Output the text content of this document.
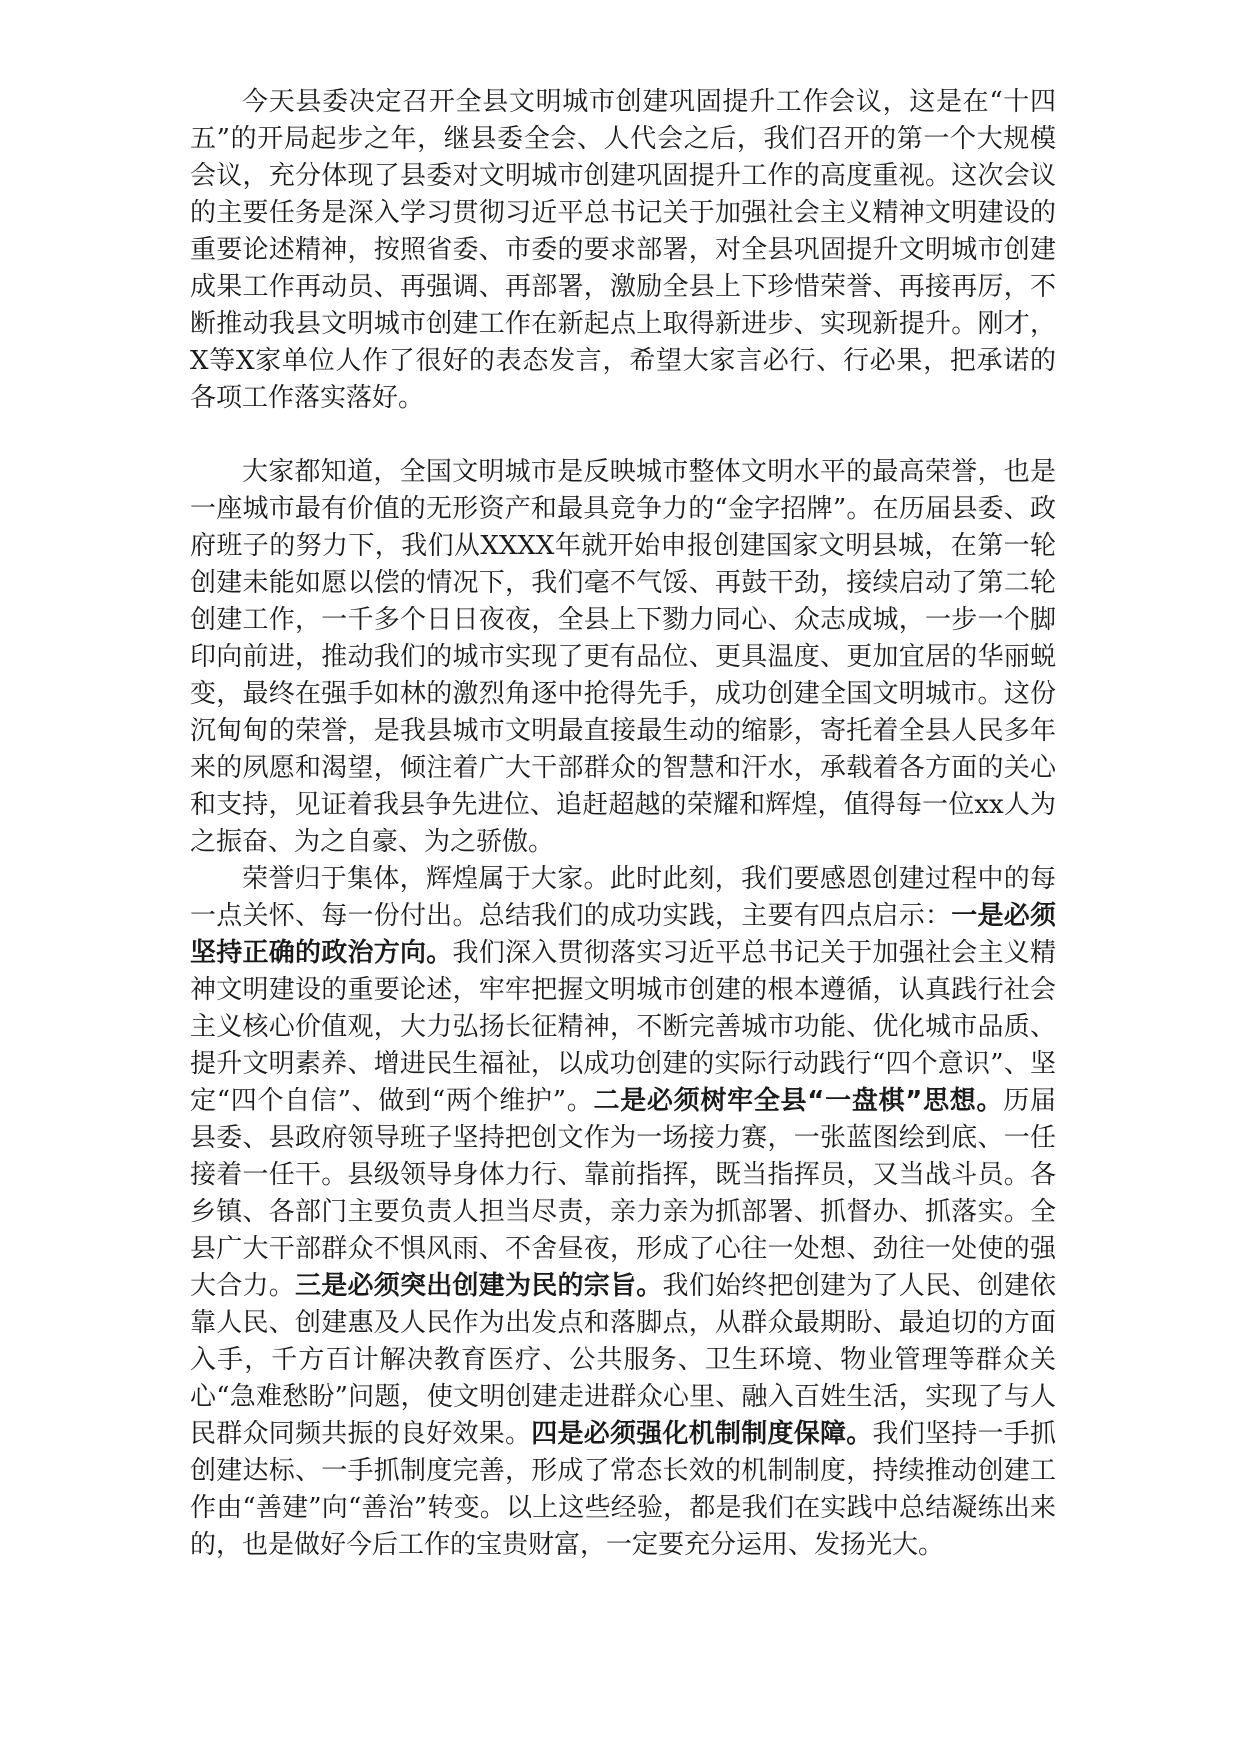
今天县委决定召开全县文明城市创建巩固提升工作会议，这是在“十四五”的开局起步之年，继县委全会、人代会之后，我们召开的第一个大规模会议，充分体现了县委对文明城市创建巩固提升工作的高度重视。这次会议的主要任务是深入学习贯彻习近平总书记关于加强社会主义精神文明建设的重要论述精神，按照省委、市委的要求部署，对全县巩固提升文明城市创建成果工作再动员、再强调、再部署，激励全县上下珍惜荣誉、再接再厉，不断推动我县文明城市创建工作在新起点上取得新进步、实现新提升。刚才，X等X家单位人作了很好的表态发言，希望大家言必行、行必果，把承诺的各项工作落实落好。

大家都知道，全国文明城市是反映城市整体文明水平的最高荣誉，也是一座城市最有价值的无形资产和最具竞争力的“金字招牌”。在历届县委、政府班子的努力下，我们从XXXX年就开始申报创建国家文明县城，在第一轮创建未能如愿以偿的情况下，我们毫不气馁、再鼓干劲，接续启动了第二轮创建工作，一千多个日日夜夜，全县上下勠力同心、众志成城，一步一个脚印向前进，推动我们的城市实现了更有品位、更具温度、更加宜居的华丽蜕变，最终在强手如林的激烈角逐中抢得先手，成功创建全国文明城市。这份沉甸甸的荣誉，是我县城市文明最直接最生动的缩影，寄托着全县人民多年来的夙愿和渴望，倾注着广大干部群众的智慧和汗水，承载着各方面的关心和支持，见证着我县争先进位、追赶超越的荣耀和辉煌，值得每一位xx人为之振奋、为之自豪、为之骄傲。

荣誉归于集体，辉煌属于大家。此时此刻，我们要感恩创建过程中的每一点关怀、每一份付出。总结我们的成功实践，主要有四点启示：一是必须坚持正确的政治方向。我们深入贯彻落实习近平总书记关于加强社会主义精神文明建设的重要论述，牢牢把握文明城市创建的根本遵循，认真践行社会主义核心价值观，大力弘扬长征精神，不断完善城市功能、优化城市品质、提升文明素养、增进民生福祉，以成功创建的实际行动践行“四个意识”、坚定“四个自信”、做到“两个维护”。二是必须树牢全县“一盘棋”思想。历届县委、县政府领导班子坚持把创文作为一场接力赛，一张蓝图绘到底、一任接着一任干。县级领导身体力行、靠前指挥，既当指挥员，又当战斗员。各乡镇、各部门主要负责人担当尽责，亲力亲为抓部署、抓督办、抓落实。全县广大干部群众不惧风雨、不舍昼夜，形成了心往一处想、劲往一处使的强大合力。三是必须突出创建为民的宗旨。我们始终把创建为了人民、创建依靠人民、创建惠及人民作为出发点和落脚点，从群众最期盼、最迫切的方面入手，千方百计解决教育医疗、公共服务、卫生环境、物业管理等群众关心“急难愁盼”问题，使文明创建走进群众心里、融入百姓生活，实现了与人民群众同频共振的良好效果。四是必须强化机制制度保障。我们坚持一手抓创建达标、一手抓制度完善，形成了常态长效的机制制度，持续推动创建工作由“善建”向“善治”转变。以上这些经验，都是我们在实践中总结凝练出来的，也是做好今后工作的宝贵财富，一定要充分运用、发扬光大。
